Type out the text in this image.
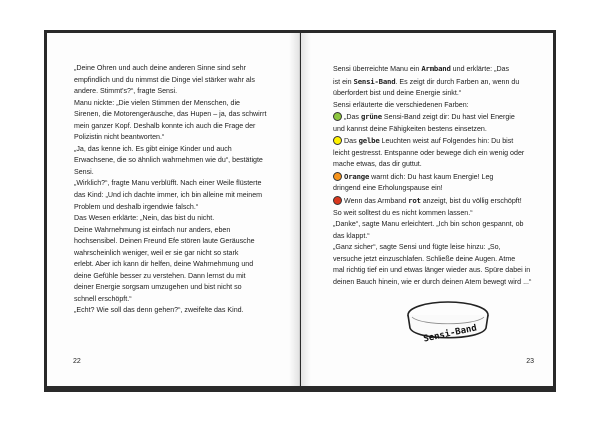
„Deine Ohren und auch deine anderen Sinne sind sehr

empfindlich und du nimmst die Dinge viel stärker wahr als

andere. Stimmt's?“, fragte Sensi.

Manu nickte: „Die vielen Stimmen der Menschen, die

Sirenen, die Motorengeräusche, das Hupen – ja, das schwirrt

mein ganzer Kopf. Deshalb konnte ich auch die Frage der

Polizistin nicht beantworten.“

„Ja, das kenne ich. Es gibt einige Kinder und auch

Erwachsene, die so ähnlich wahrnehmen wie du“, bestätigte

Sensi.

„Wirklich?“, fragte Manu verblüfft. Nach einer Weile flüsterte

das Kind: „Und ich dachte immer, ich bin alleine mit meinem

Problem und deshalb irgendwie falsch.“

Das Wesen erklärte: „Nein, das bist du nicht.

Deine Wahrnehmung ist einfach nur anders, eben

hochsensibel. Deinen Freund Efe stören laute Geräusche

wahrscheinlich weniger, weil er sie gar nicht so stark

erlebt. Aber ich kann dir helfen, deine Wahrnehmung und

deine Gefühle besser zu verstehen. Dann lernst du mit

deiner Energie sorgsam umzugehen und bist nicht so

schnell erschöpft.“

„Echt? Wie soll das denn gehen?“, zweifelte das Kind.

22

Sensi überreichte Manu ein Armband und erklärte: „Das

ist ein Sensi-Band. Es zeigt dir durch Farben an, wenn du

überfordert bist und deine Energie sinkt.“

Sensi erläuterte die verschiedenen Farben:

„Das grüne Sensi-Band zeigt dir: Du hast viel Energie

und kannst deine Fähigkeiten bestens einsetzen.

Das gelbe Leuchten weist auf Folgendes hin: Du bist

leicht gestresst. Entspanne oder bewege dich ein wenig oder

mache etwas, das dir guttut.

Orange warnt dich: Du hast kaum Energie! Leg

dringend eine Erholungspause ein!

Wenn das Armband rot anzeigt, bist du völlig erschöpft!

So weit solltest du es nicht kommen lassen.“

„Danke“, sagte Manu erleichtert. „Ich bin schon gespannt, ob

das klappt.“

„Ganz sicher“, sagte Sensi und fügte leise hinzu: „So,

versuche jetzt einzuschlafen. Schließe deine Augen. Atme

mal richtig tief ein und etwas länger wieder aus. Spüre dabei in

deinen Bauch hinein, wie er durch deinen Atem bewegt wird ...“

Sensi-Band
23
